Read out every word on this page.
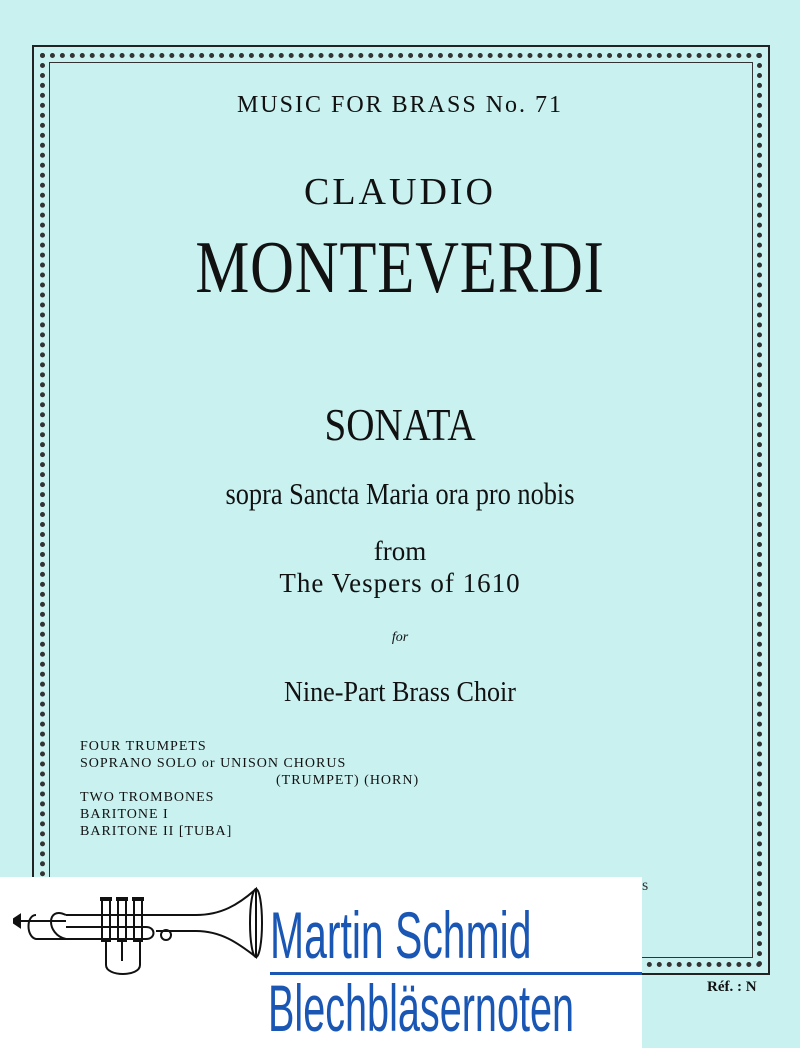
MUSIC FOR BRASS No. 71
CLAUDIO
MONTEVERDI
SONATA
sopra Sancta Maria ora pro nobis
from
The Vespers of 1610
for
Nine-Part Brass Choir
FOUR TRUMPETS
SOPRANO SOLO or UNISON CHORUS
(TRUMPET) (HORN)
TWO TROMBONES
BARITONE I
BARITONE II [TUBA]
s
Réf. : N
Martin Schmid
Blechbläsernoten
